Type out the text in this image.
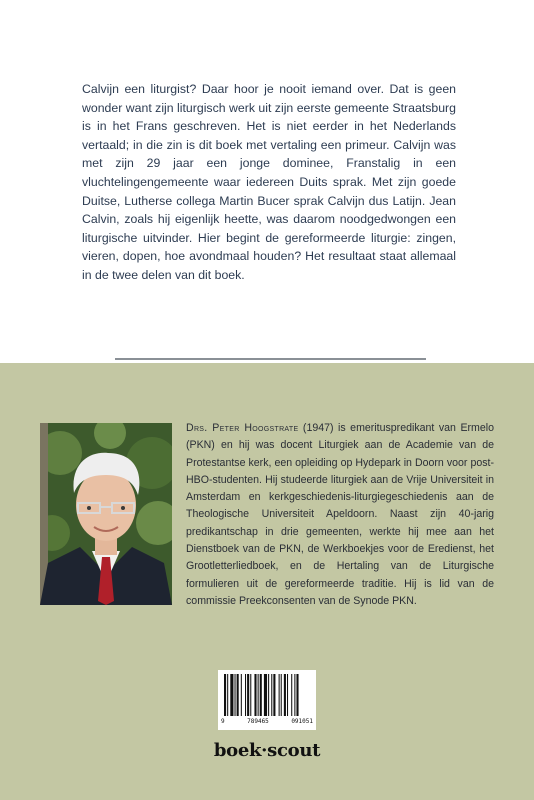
Calvijn een liturgist? Daar hoor je nooit iemand over. Dat is geen wonder want zijn liturgisch werk uit zijn eerste gemeente Straatsburg is in het Frans geschreven. Het is niet eerder in het Nederlands vertaald; in die zin is dit boek met vertaling een primeur. Calvijn was met zijn 29 jaar een jonge dominee, Franstalig in een vluchtelingengemeente waar iedereen Duits sprak. Met zijn goede Duitse, Lutherse collega Martin Bucer sprak Calvijn dus Latijn. Jean Calvin, zoals hij eigenlijk heette, was daarom noodgedwongen een liturgische uitvinder. Hier begint de gereformeerde liturgie: zingen, vieren, dopen, hoe avondmaal houden? Het resultaat staat allemaal in de twee delen van dit boek.

Drs. Peter Hoogstrate (1947) is emerituspredikant van Ermelo (PKN) en hij was docent Liturgiek aan de Academie van de Protestantse kerk, een opleiding op Hydepark in Doorn voor post-HBO-studenten. Hij studeerde liturgiek aan de Vrije Universiteit in Amsterdam en kerkgeschiedenis-liturgiegeschiedenis aan de Theologische Universiteit Apeldoorn. Naast zijn 40-jarig predikantschap in drie gemeenten, werkte hij mee aan het Dienstboek van de PKN, de Werkboekjes voor de Eredienst, het Grootletterliedboek, en de Hertaling van de Liturgische formulieren uit de gereformeerde traditie. Hij is lid van de commissie Preekconsenten van de Synode PKN.

9	789465	091051
boek·scout
